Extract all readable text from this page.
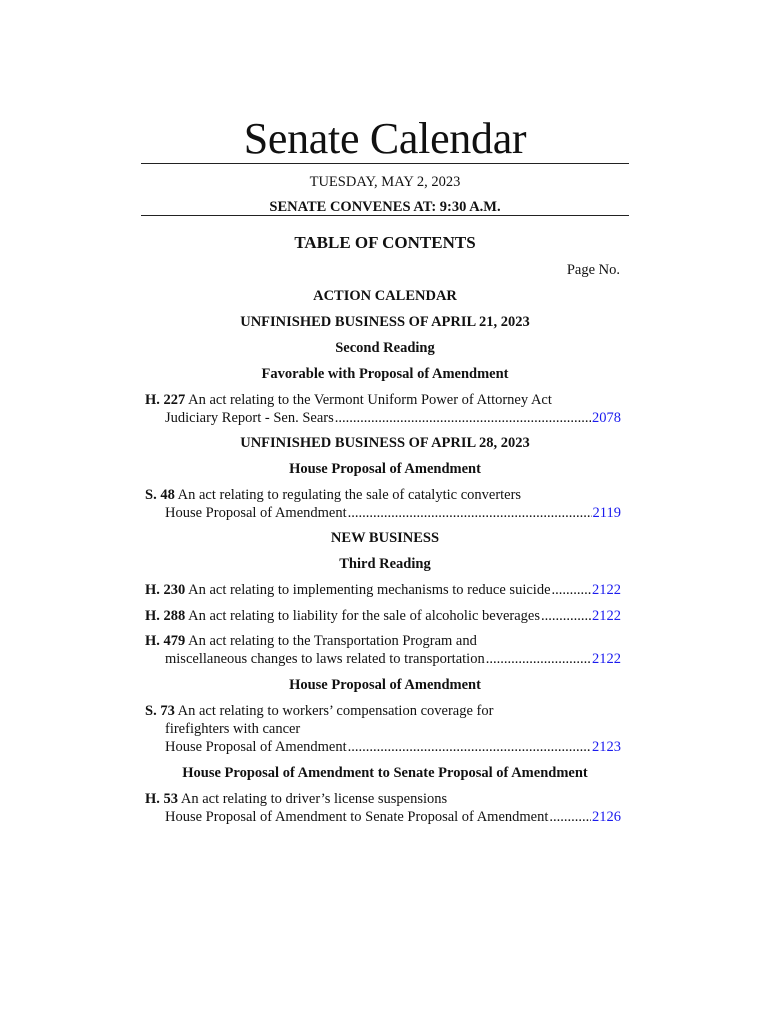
Senate Calendar
TUESDAY, MAY 2, 2023
SENATE CONVENES AT: 9:30 A.M.
TABLE OF CONTENTS
Page No.
ACTION CALENDAR
UNFINISHED BUSINESS OF APRIL 21, 2023
Second Reading
Favorable with Proposal of Amendment
H. 227 An act relating to the Vermont Uniform Power of Attorney Act
Judiciary Report - Sen. Sears .....	2078
UNFINISHED BUSINESS OF APRIL 28, 2023
House Proposal of Amendment
S. 48 An act relating to regulating the sale of catalytic converters
House Proposal of Amendment .....	2119
NEW BUSINESS
Third Reading
H. 230 An act relating to implementing mechanisms to reduce suicide .....	2122
H. 288 An act relating to liability for the sale of alcoholic beverages .....	2122
H. 479 An act relating to the Transportation Program and
miscellaneous changes to laws related to transportation .....	2122
House Proposal of Amendment
S. 73 An act relating to workers’ compensation coverage for
firefighters with cancer
House Proposal of Amendment .....	2123
House Proposal of Amendment to Senate Proposal of Amendment
H. 53 An act relating to driver’s license suspensions
House Proposal of Amendment to Senate Proposal of Amendment .....	2126
